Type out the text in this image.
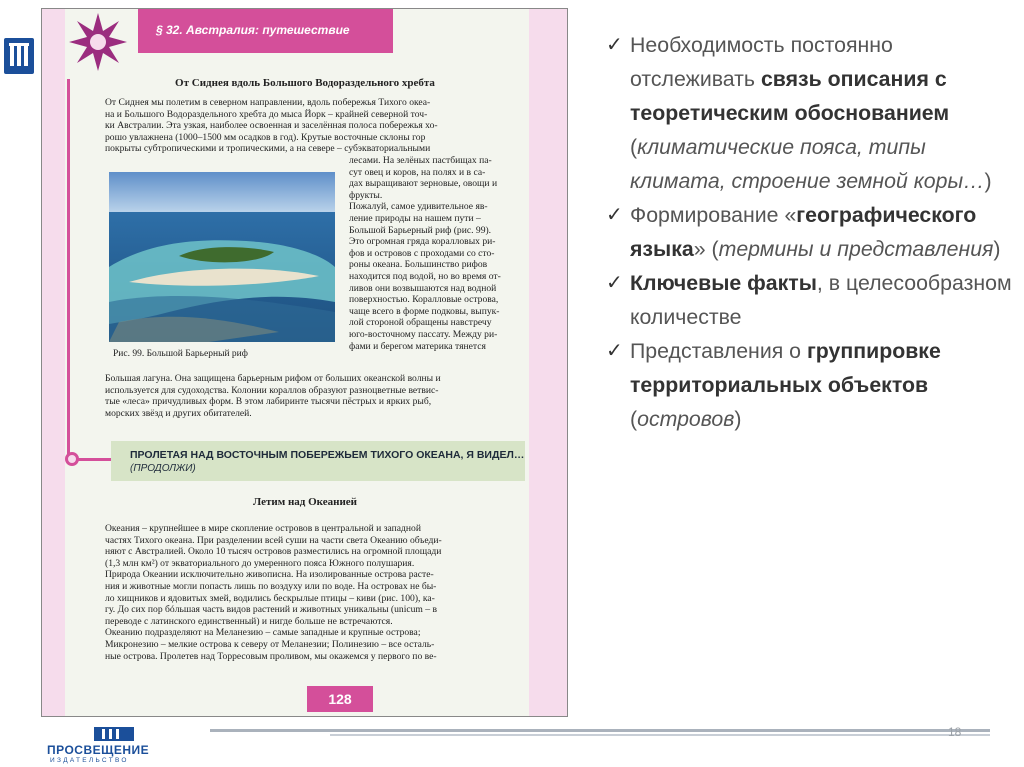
§ 32. Австралия: путешествие
От Сиднея вдоль Большого Водораздельного хребта
От Сиднея мы полетим в северном направлении, вдоль побережья Тихого океа-
на и Большого Водораздельного хребта до мыса Йорк – крайней северной точ-
ки Австралии. Эта узкая, наиболее освоенная и заселённая полоса побережья хо-
рошо увлажнена (1000–1500 мм осадков в год). Крутые восточные склоны гор
покрыты субтропическими и тропическими, а на севере – субэкваториальными
Рис. 99. Большой Барьерный риф
лесами. На зелёных пастбищах па-
сут овец и коров, на полях и в са-
дах выращивают зерновые, овощи и
фрукты.
Пожалуй, самое удивительное яв-
ление природы на нашем пути –
Большой Барьерный риф (рис. 99).
Это огромная гряда коралловых ри-
фов и островов с проходами со сто-
роны океана. Большинство рифов
находится под водой, но во время от-
ливов они возвышаются над водной
поверхностью. Коралловые острова,
чаще всего в форме подковы, выпук-
лой стороной обращены навстречу
юго-восточному пассату. Между ри-
фами и берегом материка тянется
Большая лагуна. Она защищена барьерным рифом от больших океанской волны и
используется для судоходства. Колонии кораллов образуют разноцветные ветвис-
тые «леса» причудливых форм. В этом лабиринте тысячи пёстрых и ярких рыб,
морских звёзд и других обитателей.
ПРОЛЕТАЯ НАД ВОСТОЧНЫМ ПОБЕРЕЖЬЕМ ТИХОГО ОКЕАНА, Я ВИДЕЛ…
(ПРОДОЛЖИ)
Летим над Океанией
Океания – крупнейшее в мире скопление островов в центральной и западной
частях Тихого океана. При разделении всей суши на части света Океанию объеди-
няют с Австралией. Около 10 тысяч островов разместились на огромной площади
(1,3 млн км²) от экваториального до умеренного пояса Южного полушария.
Природа Океании исключительно живописна. На изолированные острова расте-
ния и животные могли попасть лишь по воздуху или по воде. На островах не бы-
ло хищников и ядовитых змей, водились бескрылые птицы – киви (рис. 100), ка-
гу. До сих пор бóльшая часть видов растений и животных уникальны (unicum – в
переводе с латинского единственный) и нигде больше не встречаются.
Океанию подразделяют на Меланезию – самые западные и крупные острова;
Микронезию – мелкие острова к северу от Меланезии; Полинезию – все осталь-
ные острова. Пролетев над Торресовым проливом, мы окажемся у первого по ве-
128
✓ Необходимость постоянно отслеживать связь описания с теоретическим обоснованием (климатические пояса, типы климата, строение земной коры…)
✓ Формирование «географического языка» (термины и представления)
✓ Ключевые факты, в целесообразном количестве
✓ Представления о группировке территориальных объектов (островов)
ПРОСВЕЩЕНИЕ
ИЗДАТЕЛЬСТВО
18
